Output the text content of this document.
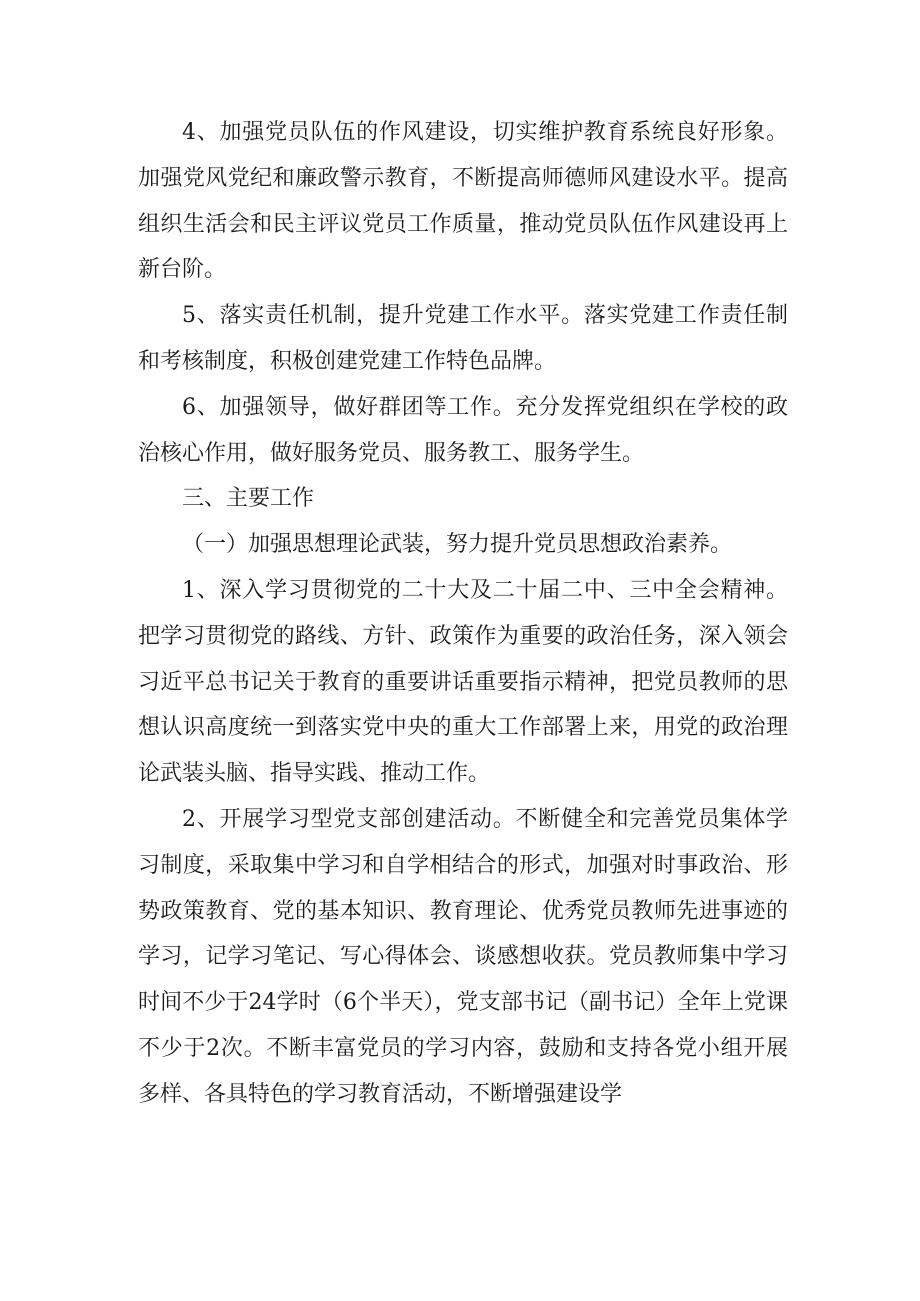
4、加强党员队伍的作风建设，切实维护教育系统良好形象。加强党风党纪和廉政警示教育，不断提高师德师风建设水平。提高组织生活会和民主评议党员工作质量，推动党员队伍作风建设再上新台阶。

5、落实责任机制，提升党建工作水平。落实党建工作责任制和考核制度，积极创建党建工作特色品牌。

6、加强领导，做好群团等工作。充分发挥党组织在学校的政治核心作用，做好服务党员、服务教工、服务学生。

三、主要工作

（一）加强思想理论武装，努力提升党员思想政治素养。

1、深入学习贯彻党的二十大及二十届二中、三中全会精神。把学习贯彻党的路线、方针、政策作为重要的政治任务，深入领会习近平总书记关于教育的重要讲话重要指示精神，把党员教师的思想认识高度统一到落实党中央的重大工作部署上来，用党的政治理论武装头脑、指导实践、推动工作。

2、开展学习型党支部创建活动。不断健全和完善党员集体学习制度，采取集中学习和自学相结合的形式，加强对时事政治、形势政策教育、党的基本知识、教育理论、优秀党员教师先进事迹的学习，记学习笔记、写心得体会、谈感想收获。党员教师集中学习时间不少于24学时（6个半天），党支部书记（副书记）全年上党课不少于2次。不断丰富党员的学习内容，鼓励和支持各党小组开展多样、各具特色的学习教育活动，不断增强建设学
